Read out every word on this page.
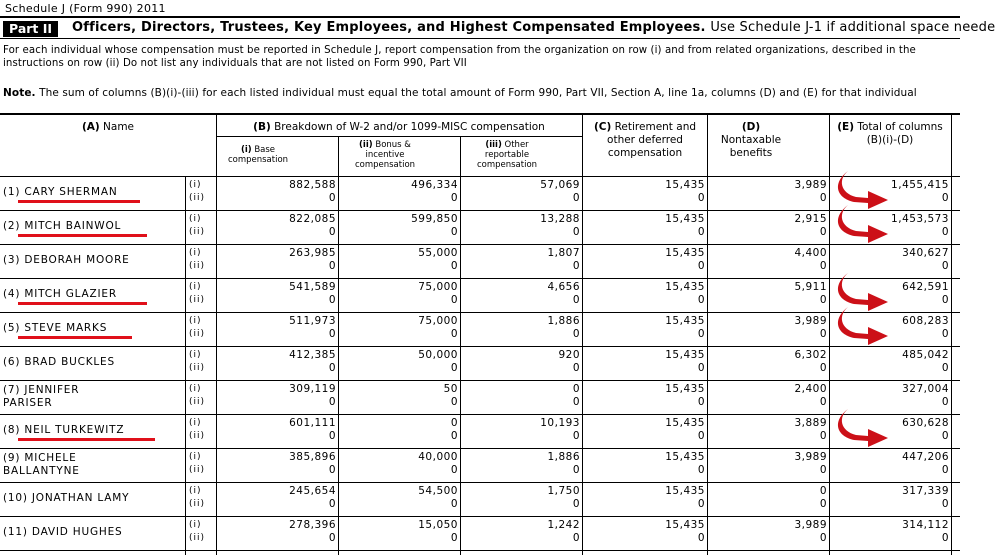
Schedule J (Form 990) 2011
Part II	Officers, Directors, Trustees, Key Employees, and Highest Compensated Employees. Use Schedule J-1 if additional space neede
For each individual whose compensation must be reported in Schedule J, report compensation from the organization on row (i) and from related organizations, described in the instructions on row (ii) Do not list any individuals that are not listed on Form 990, Part VII
Note. The sum of columns (B)(i)-(iii) for each listed individual must equal the total amount of Form 990, Part VII, Section A, line 1a, columns (D) and (E) for that individual
(A) Name	(B) Breakdown of W-2 and/or 1099-MISC compensation
(i) Base compensation
(ii) Bonus & incentive compensation
(iii) Other reportable compensation
(C) Retirement and other deferred compensation
(D) Nontaxable benefits
(E) Total of columns (B)(i)-(D)
(1) CARY SHERMAN
(i)	882,588	496,334	57,069	15,435	3,989	1,455,415
(ii)	0	0	0	0	0	0
(2) MITCH BAINWOL
(i)	822,085	599,850	13,288	15,435	2,915	1,453,573
(ii)	0	0	0	0	0	0
(3) DEBORAH MOORE
(i)	263,985	55,000	1,807	15,435	4,400	340,627
(ii)	0	0	0	0	0	0
(4) MITCH GLAZIER
(i)	541,589	75,000	4,656	15,435	5,911	642,591
(ii)	0	0	0	0	0	0
(5) STEVE MARKS
(i)	511,973	75,000	1,886	15,435	3,989	608,283
(ii)	0	0	0	0	0	0
(6) BRAD BUCKLES
(i)	412,385	50,000	920	15,435	6,302	485,042
(ii)	0	0	0	0	0	0
(7) JENNIFER
PARISER
(i)	309,119	50	0	15,435	2,400	327,004
(ii)	0	0	0	0	0	0
(8) NEIL TURKEWITZ
(i)	601,111	0	10,193	15,435	3,889	630,628
(ii)	0	0	0	0	0	0
(9) MICHELE
BALLANTYNE
(i)	385,896	40,000	1,886	15,435	3,989	447,206
(ii)	0	0	0	0	0	0
(10) JONATHAN LAMY
(i)	245,654	54,500	1,750	15,435	0	317,339
(ii)	0	0	0	0	0	0
(11) DAVID HUGHES
(i)	278,396	15,050	1,242	15,435	3,989	314,112
(ii)	0	0	0	0	0	0
